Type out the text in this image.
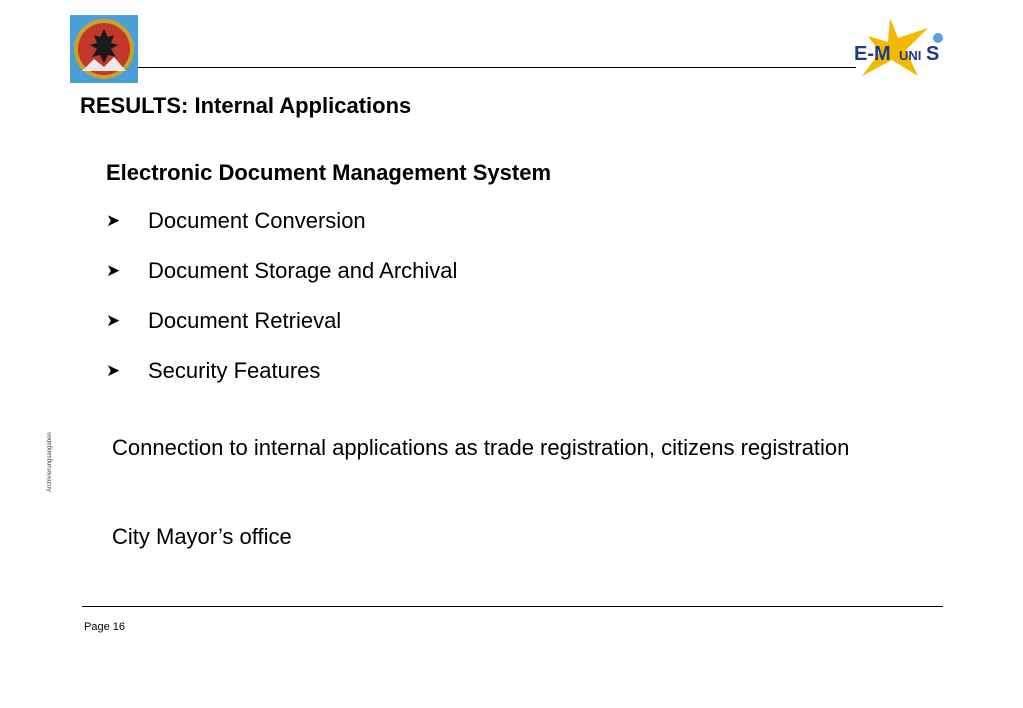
E-M UNI S
RESULTS: Internal Applications
Electronic Document Management System
➤	Document Conversion
➤	Document Storage and Archival
➤	Document Retrieval
➤	Security Features
Connection to internal applications as trade registration, citizens registration
City Mayor’s office
Archivierungsangaben
Page 16
